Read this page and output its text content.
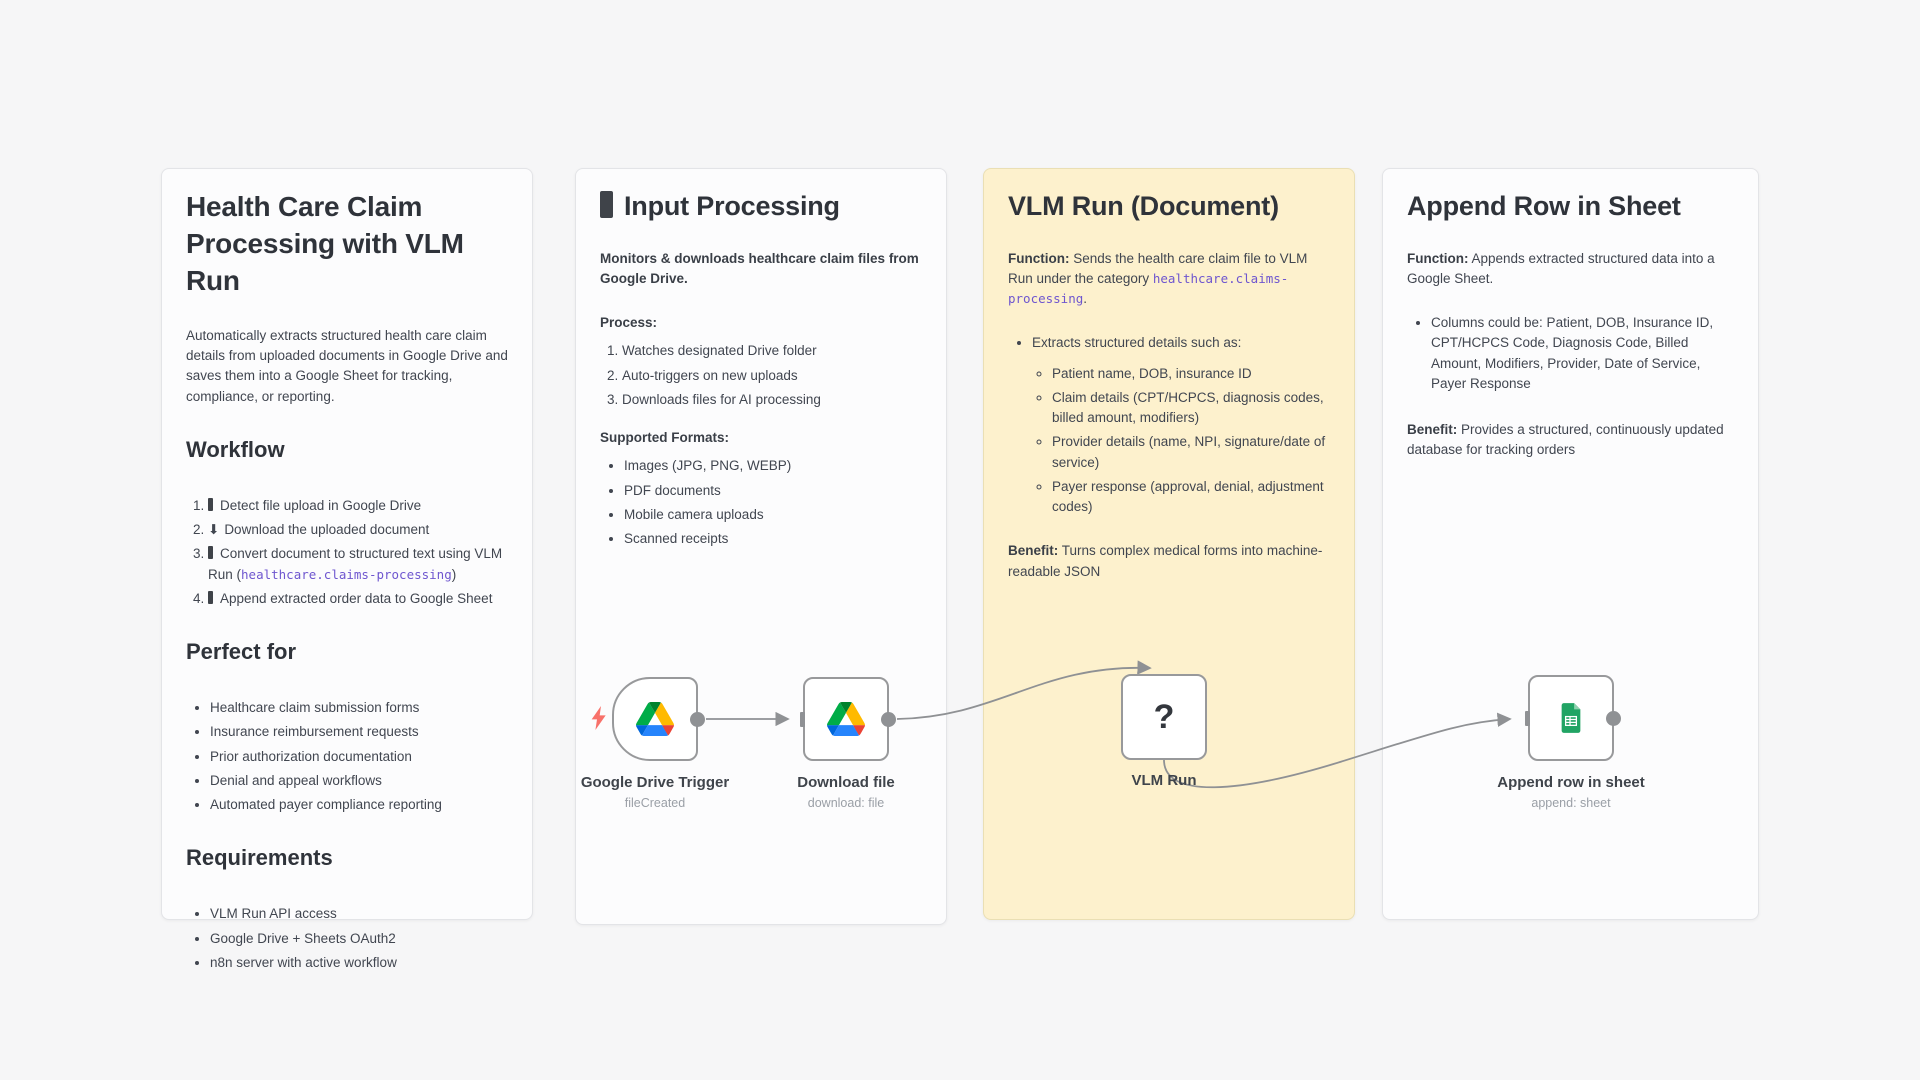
Health Care Claim Processing with VLM Run

Automatically extracts structured health care claim details from uploaded documents in Google Drive and saves them into a Google Sheet for tracking, compliance, or reporting.

Workflow
1. Detect file upload in Google Drive
2. ⬇ Download the uploaded document
3. Convert document to structured text using VLM Run (healthcare.claims-processing)
4. Append extracted order data to Google Sheet
Perfect for
• Healthcare claim submission forms
• Insurance reimbursement requests
• Prior authorization documentation
• Denial and appeal workflows
• Automated payer compliance reporting
Requirements
• VLM Run API access
• Google Drive + Sheets OAuth2
• n8n server with active workflow
Input Processing

Monitors & downloads healthcare claim files from Google Drive.

Process:

1. Watches designated Drive folder
2. Auto-triggers on new uploads
3. Downloads files for AI processing

Supported Formats:

• Images (JPG, PNG, WEBP)
• PDF documents
• Mobile camera uploads
• Scanned receipts
VLM Run (Document)

Function: Sends the health care claim file to VLM Run under the category healthcare.claims-processing.

• Extracts structured details such as:
◦ Patient name, DOB, insurance ID
◦ Claim details (CPT/HCPCS, diagnosis codes, billed amount, modifiers)
◦ Provider details (name, NPI, signature/date of service)
◦ Payer response (approval, denial, adjustment codes)

Benefit: Turns complex medical forms into machine-readable JSON

Append Row in Sheet

Function: Appends extracted structured data into a Google Sheet.

• Columns could be: Patient, DOB, Insurance ID, CPT/HCPCS Code, Diagnosis Code, Billed Amount, Modifiers, Provider, Date of Service, Payer Response

Benefit: Provides a structured, continuously updated database for tracking orders

Google Drive Trigger
fileCreated
Download file
download: file
?
VLM Run	Append row in sheet
append: sheet
